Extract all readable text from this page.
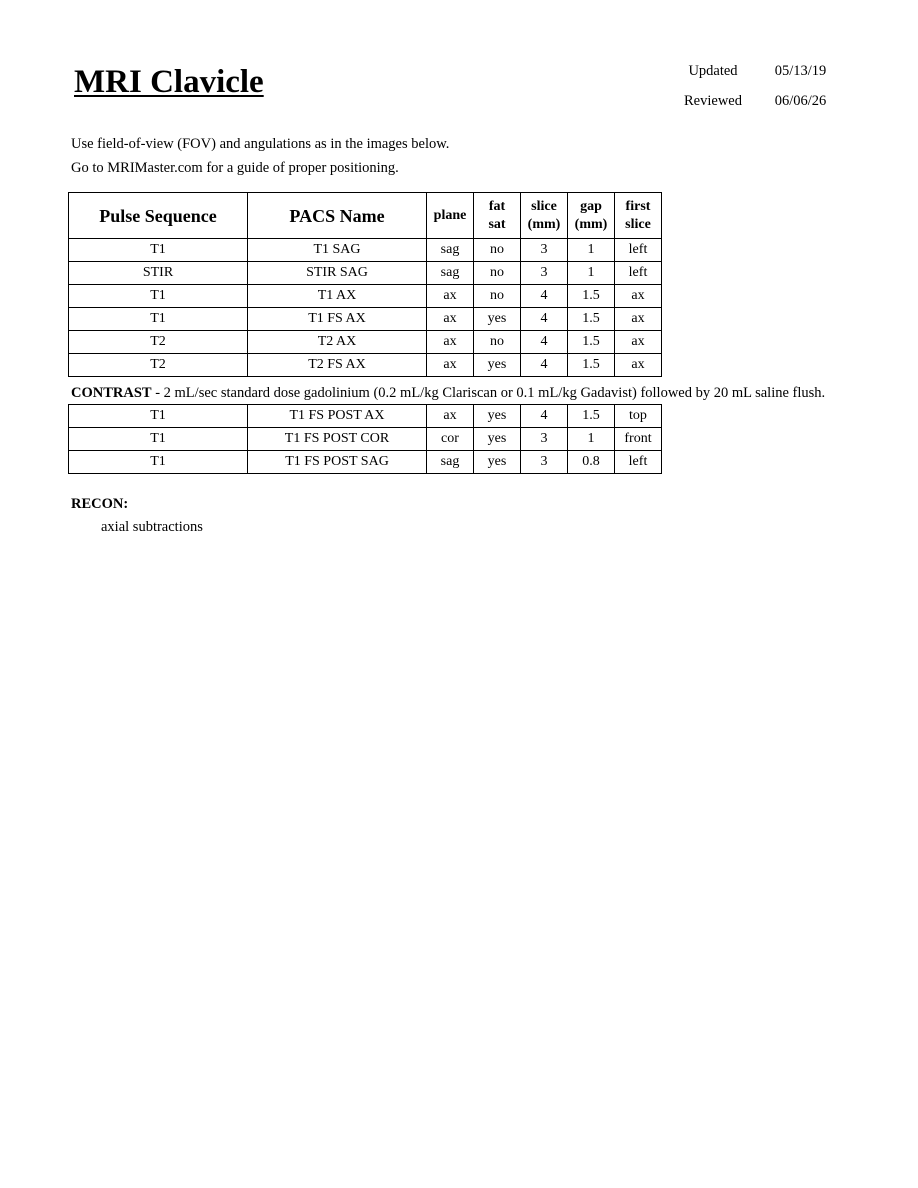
MRI Clavicle	Updated	05/13/19
Reviewed	06/06/26
Use field-of-view (FOV) and angulations as in the images below.
Go to MRIMaster.com for a guide of proper positioning.
Pulse Sequence	PACS Name	plane	fat sat	slice (mm)	gap (mm)	first slice
T1	T1 SAG	sag	no	3	1	left
STIR	STIR SAG	sag	no	3	1	left
T1	T1 AX	ax	no	4	1.5	ax
T1	T1 FS AX	ax	yes	4	1.5	ax
T2	T2 AX	ax	no	4	1.5	ax
T2	T2 FS AX	ax	yes	4	1.5	ax
CONTRAST - 2 mL/sec standard dose gadolinium (0.2 mL/kg Clariscan or 0.1 mL/kg Gadavist) followed by 20 mL saline flush.
T1	T1 FS POST AX	ax	yes	4	1.5	top
T1	T1 FS POST COR	cor	yes	3	1	front
T1	T1 FS POST SAG	sag	yes	3	0.8	left
RECON:
axial subtractions
